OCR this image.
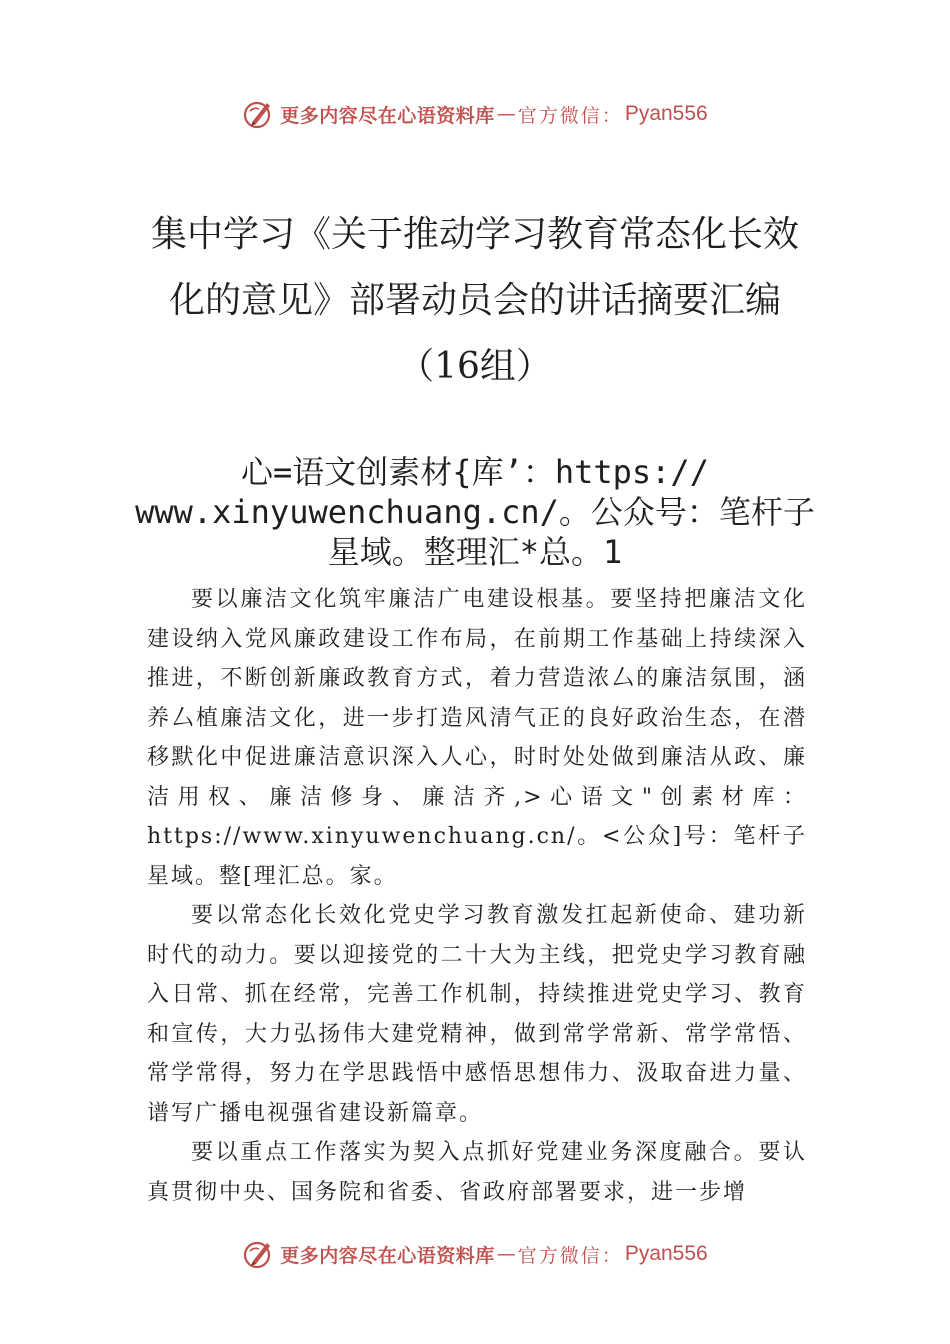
更多内容尽在心语资料库 — 官方微信： Pyan556
集中学习《关于推动学习教育常态化长效
化的意见》部署动员会的讲话摘要汇编
（16组）
心=语文创素材{库’：https://
www.xinyuwenchuang.cn/。公众号：笔杆子
星域。整理汇*总。1

要以廉洁文化筑牢廉洁广电建设根基。要坚持把廉洁文化建设纳入党风廉政建设工作布局，在前期工作基础上持续深入推进，不断创新廉政教育方式，着力营造浓厶的廉洁氛围，涵养厶植廉洁文化，进一步打造风清气正的良好政治生态，在潜移默化中促进廉洁意识深入人心，时时处处做到廉洁从政、廉洁用权、廉洁修身、廉洁齐,>心语文"创素材库：https://www.xinyuwenchuang.cn/。<公众]号：笔杆子星域。整[理汇总。家。

要以常态化长效化党史学习教育激发扛起新使命、建功新时代的动力。要以迎接党的二十大为主线，把党史学习教育融入日常、抓在经常，完善工作机制，持续推进党史学习、教育和宣传，大力弘扬伟大建党精神，做到常学常新、常学常悟、常学常得，努力在学思践悟中感悟思想伟力、汲取奋进力量、谱写广播电视强省建设新篇章。

要以重点工作落实为契入点抓好党建业务深度融合。要认真贯彻中央、国务院和省委、省政府部署要求，进一步增

更多内容尽在心语资料库 — 官方微信： Pyan556
